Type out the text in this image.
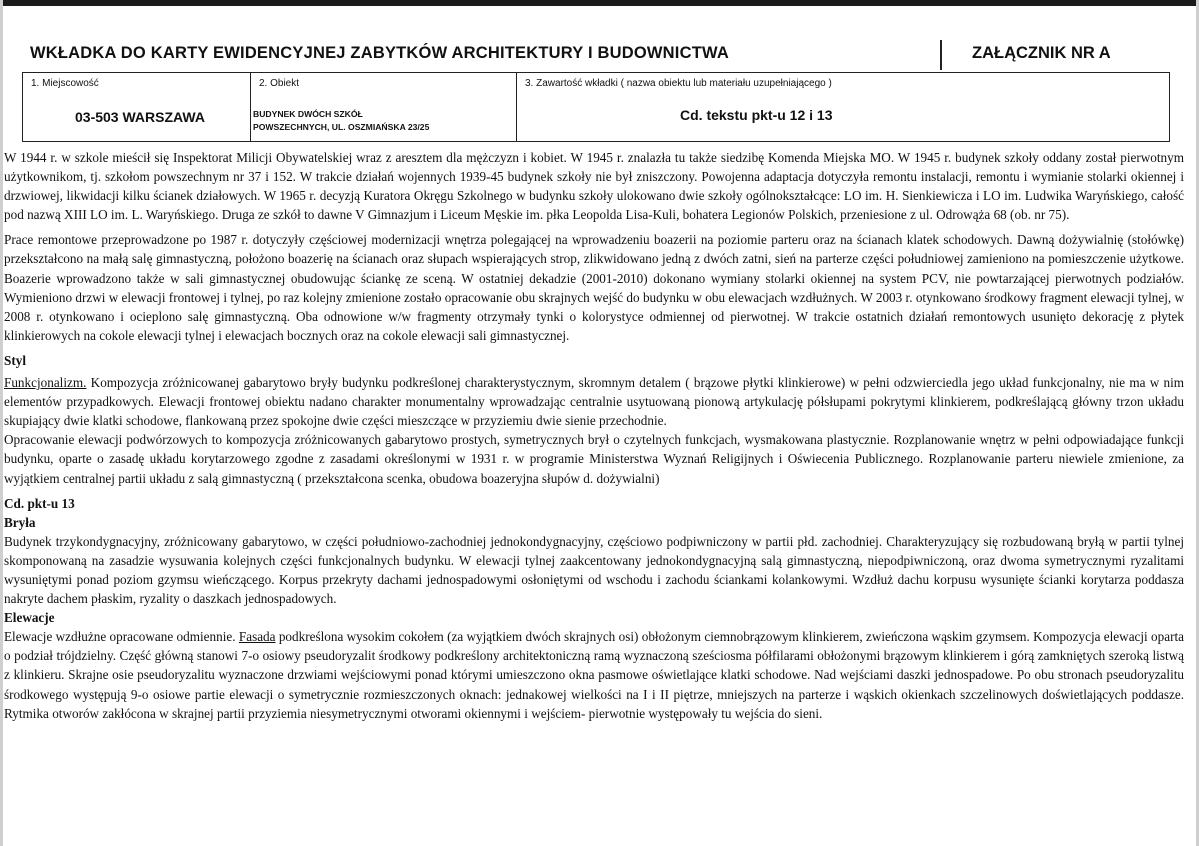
WKŁADKA DO KARTY EWIDENCYJNEJ ZABYTKÓW ARCHITEKTURY I BUDOWNICTWA	ZAŁĄCZNIK NR A
1. Miejscowość
03-503 WARSZAWA
2. Obiekt
BUDYNEK DWÓCH SZKÓŁ
POWSZECHNYCH, UL. OSZMIAŃSKA 23/25
3. Zawartość wkładki ( nazwa obiektu lub materiału uzupełniającego )
Cd. tekstu pkt-u 12 i 13

W 1944 r. w szkole mieścił się Inspektorat Milicji Obywatelskiej wraz z aresztem dla mężczyzn i kobiet. W 1945 r. znalazła tu także siedzibę Komenda Miejska MO. W 1945 r. budynek szkoły oddany został pierwotnym użytkownikom, tj. szkołom powszechnym nr 37 i 152. W trakcie działań wojennych 1939-45 budynek szkoły nie był zniszczony. Powojenna adaptacja dotyczyła remontu instalacji, remontu i wymianie stolarki okiennej i drzwiowej, likwidacji kilku ścianek działowych. W 1965 r. decyzją Kuratora Okręgu Szkolnego w budynku szkoły ulokowano dwie szkoły ogólnokształcące: LO im. H. Sienkiewicza i LO im. Ludwika Waryńskiego, całość pod nazwą XIII LO im. L. Waryńskiego. Druga ze szkół to dawne V Gimnazjum i Liceum Męskie im. płka Leopolda Lisa-Kuli, bohatera Legionów Polskich, przeniesione z ul. Odrowąża 68 (ob. nr 75).

Prace remontowe przeprowadzone po 1987 r. dotyczyły częściowej modernizacji wnętrza polegającej na wprowadzeniu boazerii na poziomie parteru oraz na ścianach klatek schodowych. Dawną dożywialnię (stołówkę) przekształcono na małą salę gimnastyczną, położono boazerię na ścianach oraz słupach wspierających strop, zlikwidowano jedną z dwóch zatni, sień na parterze części południowej zamieniono na pomieszczenie użytkowe. Boazerie wprowadzono także w sali gimnastycznej obudowując ściankę ze sceną. W ostatniej dekadzie (2001-2010) dokonano wymiany stolarki okiennej na system PCV, nie powtarzającej pierwotnych podziałów. Wymieniono drzwi w elewacji frontowej i tylnej, po raz kolejny zmienione zostało opracowanie obu skrajnych wejść do budynku w obu elewacjach wzdłużnych. W 2003 r. otynkowano środkowy fragment elewacji tylnej, w 2008 r. otynkowano i ocieplono salę gimnastyczną. Oba odnowione w/w fragmenty otrzymały tynki o kolorystyce odmiennej od pierwotnej. W trakcie ostatnich działań remontowych usunięto dekorację z płytek klinkierowych na cokole elewacji tylnej i elewacjach bocznych oraz na cokole elewacji sali gimnastycznej.

Styl

Funkcjonalizm. Kompozycja zróżnicowanej gabarytowo bryły budynku podkreślonej charakterystycznym, skromnym detalem ( brązowe płytki klinkierowe) w pełni odzwierciedla jego układ funkcjonalny, nie ma w nim elementów przypadkowych. Elewacji frontowej obiektu nadano charakter monumentalny wprowadzając centralnie usytuowaną pionową artykulację półsłupami pokrytymi klinkierem, podkreślającą główny trzon układu skupiający dwie klatki schodowe, flankowaną przez spokojne dwie części mieszczące w przyziemiu dwie sienie przechodnie.

Opracowanie elewacji podwórzowych to kompozycja zróżnicowanych gabarytowo prostych, symetrycznych brył o czytelnych funkcjach, wysmakowana plastycznie. Rozplanowanie wnętrz w pełni odpowiadające funkcji budynku, oparte o zasadę układu korytarzowego zgodne z zasadami określonymi w 1931 r. w programie Ministerstwa Wyznań Religijnych i Oświecenia Publicznego. Rozplanowanie parteru niewiele zmienione, za wyjątkiem centralnej partii układu z salą gimnastyczną ( przekształcona scenka, obudowa boazeryjna słupów d. dożywialni)

Cd. pkt-u 13

Bryła

Budynek trzykondygnacyjny, zróżnicowany gabarytowo, w części południowo-zachodniej jednokondygnacyjny, częściowo podpiwniczony w partii płd. zachodniej. Charakteryzujący się rozbudowaną bryłą w partii tylnej skomponowaną na zasadzie wysuwania kolejnych części funkcjonalnych budynku. W elewacji tylnej zaakcentowany jednokondygnacyjną salą gimnastyczną, niepodpiwniczoną, oraz dwoma symetrycznymi ryzalitami wysuniętymi ponad poziom gzymsu wieńczącego. Korpus przekryty dachami jednospadowymi osłoniętymi od wschodu i zachodu ściankami kolankowymi. Wzdłuż dachu korpusu wysunięte ścianki korytarza poddasza nakryte dachem płaskim, ryzality o daszkach jednospadowych.

Elewacje

Elewacje wzdłużne opracowane odmiennie. Fasada podkreślona wysokim cokołem (za wyjątkiem dwóch skrajnych osi) obłożonym ciemnobrązowym klinkierem, zwieńczona wąskim gzymsem. Kompozycja elewacji oparta o podział trójdzielny. Część główną stanowi 7-o osiowy pseudoryzalit środkowy podkreślony architektoniczną ramą wyznaczoną sześciosma półfilarami obłożonymi brązowym klinkierem i górą zamkniętych szeroką listwą z klinkieru. Skrajne osie pseudoryzalitu wyznaczone drzwiami wejściowymi ponad którymi umieszczono okna pasmowe oświetlające klatki schodowe. Nad wejściami daszki jednospadowe. Po obu stronach pseudoryzalitu środkowego występują 9-o osiowe partie elewacji o symetrycznie rozmieszczonych oknach: jednakowej wielkości na I i II piętrze, mniejszych na parterze i wąskich okienkach szczelinowych doświetlających poddasze. Rytmika otworów zakłócona w skrajnej partii przyziemia niesymetrycznymi otworami okiennymi i wejściem- pierwotnie występowały tu wejścia do sieni.
